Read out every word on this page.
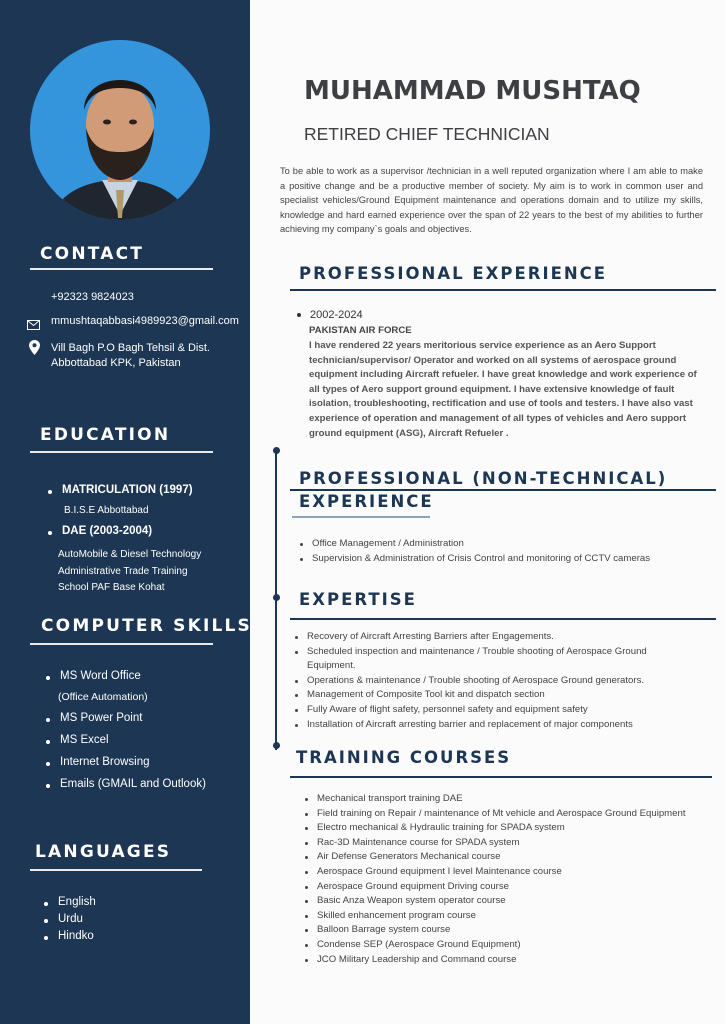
CONTACT
+92323 9824023
mmushtaqabbasi4989923@gmail.com
Vill Bagh P.O Bagh Tehsil & Dist.
Abbottabad KPK, Pakistan
EDUCATION
MATRICULATION (1997)
B.I.S.E Abbottabad
DAE (2003-2004)
AutoMobile & Diesel Technology
Administrative Trade Training
School PAF Base Kohat
COMPUTER SKILLS
MS Word Office
(Office Automation)
MS Power Point
MS Excel
Internet Browsing
Emails (GMAIL and Outlook)
LANGUAGES
English
Urdu
Hindko
MUHAMMAD MUSHTAQ
RETIRED CHIEF TECHNICIAN
To be able to work as a supervisor /technician in a well reputed organization where I am able to make a positive change and be a productive member of society. My aim is to work in common user and specialist vehicles/Ground Equipment maintenance and operations domain and to utilize my skills, knowledge and hard earned experience over the span of 22 years to the best of my abilities to further achieving my company`s goals and objectives.
PROFESSIONAL EXPERIENCE
2002-2024
PAKISTAN AIR FORCE
I have rendered 22 years meritorious service experience as an Aero Support technician/supervisor/ Operator and worked on all systems of aerospace ground equipment including Aircraft refueler. I have great knowledge and work experience of all types of Aero support ground equipment. I have extensive knowledge of fault isolation, troubleshooting, rectification and use of tools and testers. I have also vast experience of operation and management of all types of vehicles and Aero support ground equipment (ASG), Aircraft Refueler .
PROFESSIONAL (NON-TECHNICAL)
EXPERIENCE
Office Management / Administration
Supervision & Administration of Crisis Control and monitoring of CCTV cameras
EXPERTISE
Recovery of Aircraft Arresting Barriers after Engagements.
Scheduled inspection and maintenance / Trouble shooting of Aerospace Ground Equipment.
Operations & maintenance / Trouble shooting of Aerospace Ground generators.
Management of Composite Tool kit and dispatch section
Fully Aware of flight safety, personnel safety and equipment safety
Installation of Aircraft arresting barrier and replacement of major components
TRAINING COURSES
Mechanical transport training DAE
Field training on Repair / maintenance of Mt vehicle and Aerospace Ground Equipment
Electro mechanical & Hydraulic training for SPADA system
Rac-3D Maintenance course for SPADA system
Air Defense Generators Mechanical course
Aerospace Ground equipment I level Maintenance course
Aerospace Ground equipment Driving course
Basic Anza Weapon system operator course
Skilled enhancement program course
Balloon Barrage system course
Condense SEP (Aerospace Ground Equipment)
JCO Military Leadership and Command course
